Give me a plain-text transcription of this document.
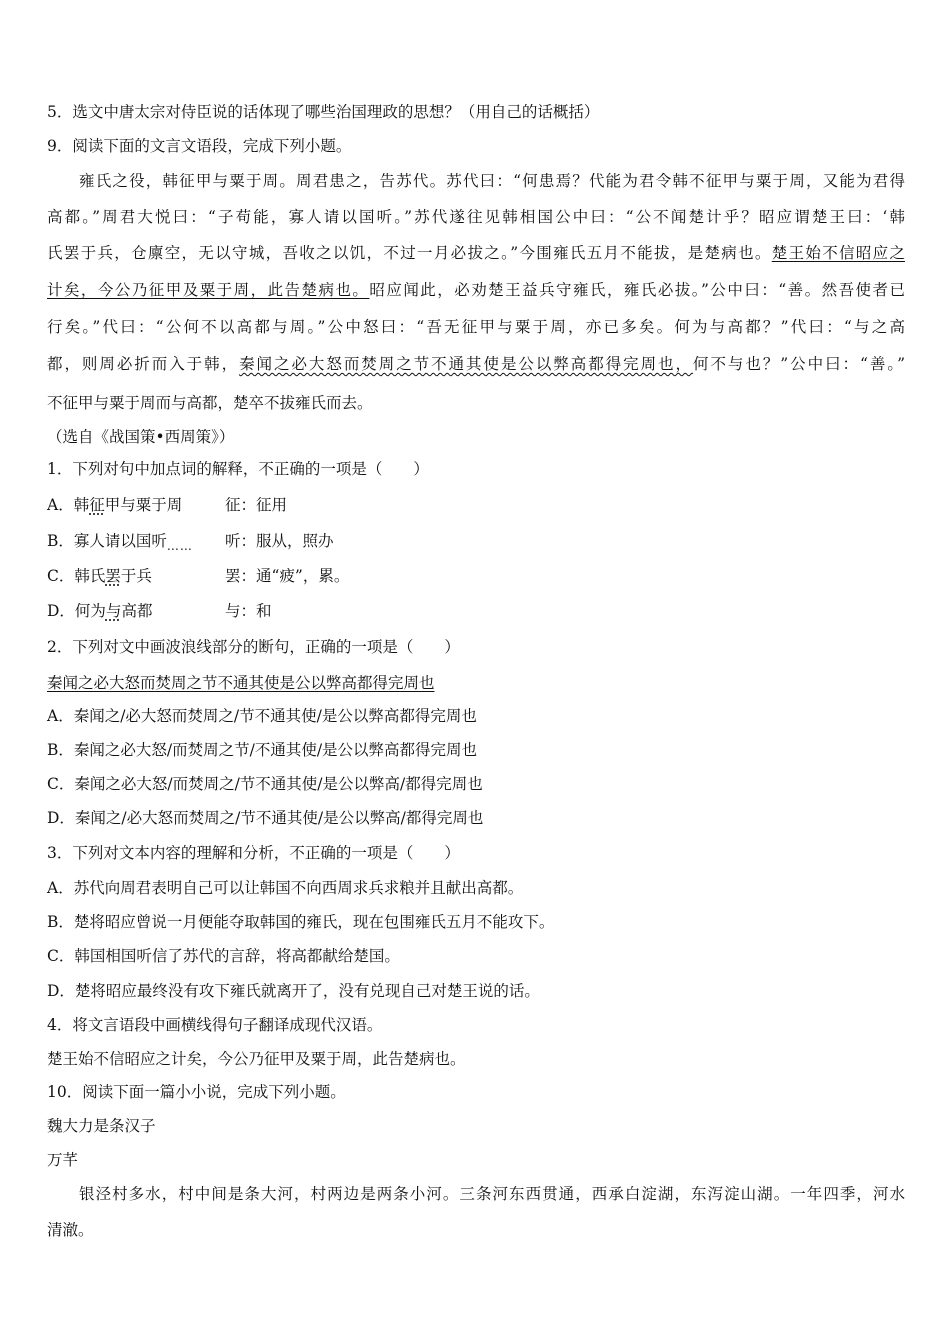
5．选文中唐太宗对侍臣说的话体现了哪些治国理政的思想？（用自己的话概括）
9．阅读下面的文言文语段，完成下列小题。
雍氏之役，韩征甲与粟于周。周君患之，告苏代。苏代曰：“何患焉？代能为君令韩不征甲与粟于周，又能为君得
高都。”周君大悦曰：“子苟能，寡人请以国听。”苏代遂往见韩相国公中曰：“公不闻楚计乎？昭应谓楚王曰：‘韩
氏罢于兵，仓廪空，无以守城，吾收之以饥，不过一月必拔之。”今围雍氏五月不能拔，是楚病也。楚王始不信昭应之
计矣，今公乃征甲及粟于周，此告楚病也。昭应闻此，必劝楚王益兵守雍氏，雍氏必拔。”公中曰：“善。然吾使者已
行矣。”代曰：“公何不以高都与周。”公中怒曰：“吾无征甲与粟于周，亦已多矣。何为与高都？”代曰：“与之高
都，则周必折而入于韩，秦闻之必大怒而焚周之节不通其使是公以弊高都得完周也，何不与也？”公中曰：“善。”
不征甲与粟于周而与高都，楚卒不拔雍氏而去。
（选自《战国策•西周策》）
1．下列对句中加点词的解释，不正确的一项是（　　）
A．韩征甲与粟于周	征：征用
B．寡人请以国听$_{\dots\dots}$ 听：服从，照办
C．韩氏罢于兵	罢：通“疲”，累。
D．何为与高都	与：和
2．下列对文中画波浪线部分的断句，正确的一项是（　　）
秦闻之必大怒而焚周之节不通其使是公以弊高都得完周也
A．秦闻之/必大怒而焚周之/节不通其使/是公以弊高都得完周也
B．秦闻之必大怒/而焚周之节/不通其使/是公以弊高都得完周也
C．秦闻之必大怒/而焚周之/节不通其使/是公以弊高/都得完周也
D．秦闻之/必大怒而焚周之/节不通其使/是公以弊高/都得完周也
3．下列对文本内容的理解和分析，不正确的一项是（　　）
A．苏代向周君表明自己可以让韩国不向西周求兵求粮并且献出高都。
B．楚将昭应曾说一月便能夺取韩国的雍氏，现在包围雍氏五月不能攻下。
C．韩国相国听信了苏代的言辞，将高都献给楚国。
D．楚将昭应最终没有攻下雍氏就离开了，没有兑现自己对楚王说的话。
4．将文言语段中画横线得句子翻译成现代汉语。
楚王始不信昭应之计矣，今公乃征甲及粟于周，此告楚病也。
10．阅读下面一篇小小说，完成下列小题。
魏大力是条汉子
万芊
银泾村多水，村中间是条大河，村两边是两条小河。三条河东西贯通，西承白淀湖，东泻淀山湖。一年四季，河水
清澈。
